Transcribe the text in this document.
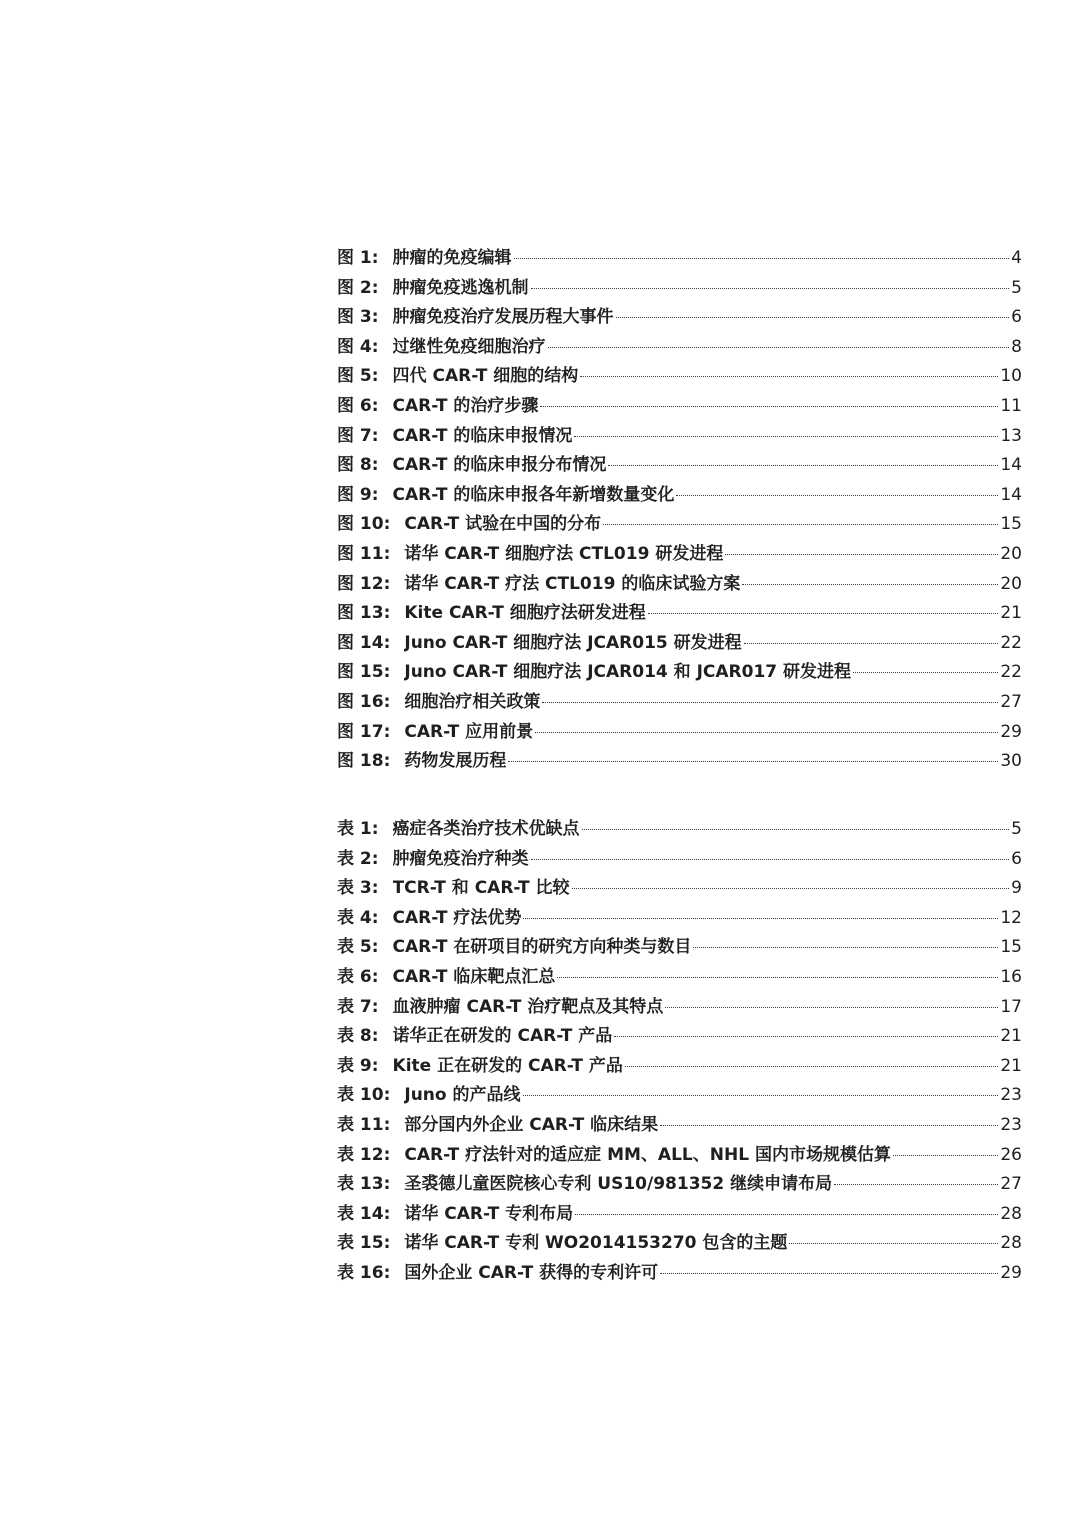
图 1: 肿瘤的免疫编辑	4
图 2: 肿瘤免疫逃逸机制	5
图 3: 肿瘤免疫治疗发展历程大事件	6
图 4: 过继性免疫细胞治疗	8
图 5: 四代 CAR-T 细胞的结构	10
图 6: CAR-T 的治疗步骤	11
图 7: CAR-T 的临床申报情况	13
图 8: CAR-T 的临床申报分布情况	14
图 9: CAR-T 的临床申报各年新增数量变化	14
图 10: CAR-T 试验在中国的分布	15
图 11: 诺华 CAR-T 细胞疗法 CTL019 研发进程	20
图 12: 诺华 CAR-T 疗法 CTL019 的临床试验方案	20
图 13: Kite CAR-T 细胞疗法研发进程	21
图 14: Juno CAR-T 细胞疗法 JCAR015 研发进程	22
图 15: Juno CAR-T 细胞疗法 JCAR014 和 JCAR017 研发进程	22
图 16: 细胞治疗相关政策	27
图 17: CAR-T 应用前景	29
图 18: 药物发展历程	30
表 1: 癌症各类治疗技术优缺点	5
表 2: 肿瘤免疫治疗种类	6
表 3: TCR-T 和 CAR-T 比较	9
表 4: CAR-T 疗法优势	12
表 5: CAR-T 在研项目的研究方向种类与数目	15
表 6: CAR-T 临床靶点汇总	16
表 7: 血液肿瘤 CAR-T 治疗靶点及其特点	17
表 8: 诺华正在研发的 CAR-T 产品	21
表 9: Kite 正在研发的 CAR-T 产品	21
表 10: Juno 的产品线	23
表 11: 部分国内外企业 CAR-T 临床结果	23
表 12: CAR-T 疗法针对的适应症 MM、ALL、NHL 国内市场规模估算	26
表 13: 圣裘德儿童医院核心专利 US10/981352 继续申请布局	27
表 14: 诺华 CAR-T 专利布局	28
表 15: 诺华 CAR-T 专利 WO2014153270 包含的主题	28
表 16: 国外企业 CAR-T 获得的专利许可	29
